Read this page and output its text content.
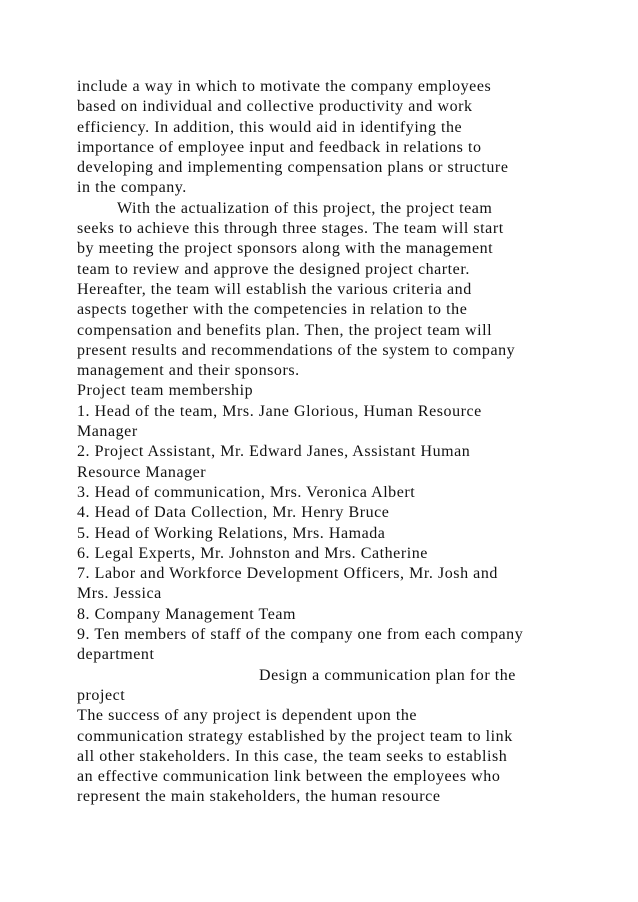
include a way in which to motivate the company employees
based on individual and collective productivity and work
efficiency. In addition, this would aid in identifying the
importance of employee input and feedback in relations to
developing and implementing compensation plans or structure
in the company.
With the actualization of this project, the project team
seeks to achieve this through three stages. The team will start
by meeting the project sponsors along with the management
team to review and approve the designed project charter.
Hereafter, the team will establish the various criteria and
aspects together with the competencies in relation to the
compensation and benefits plan. Then, the project team will
present results and recommendations of the system to company
management and their sponsors.
Project team membership
1. Head of the team, Mrs. Jane Glorious, Human Resource
Manager
2. Project Assistant, Mr. Edward Janes, Assistant Human
Resource Manager
3. Head of communication, Mrs. Veronica Albert
4. Head of Data Collection, Mr. Henry Bruce
5. Head of Working Relations, Mrs. Hamada
6. Legal Experts, Mr. Johnston and Mrs. Catherine
7. Labor and Workforce Development Officers, Mr. Josh and
Mrs. Jessica
8. Company Management Team
9. Ten members of staff of the company one from each company
department
Design a communication plan for the
project
The success of any project is dependent upon the
communication strategy established by the project team to link
all other stakeholders. In this case, the team seeks to establish
an effective communication link between the employees who
represent the main stakeholders, the human resource
